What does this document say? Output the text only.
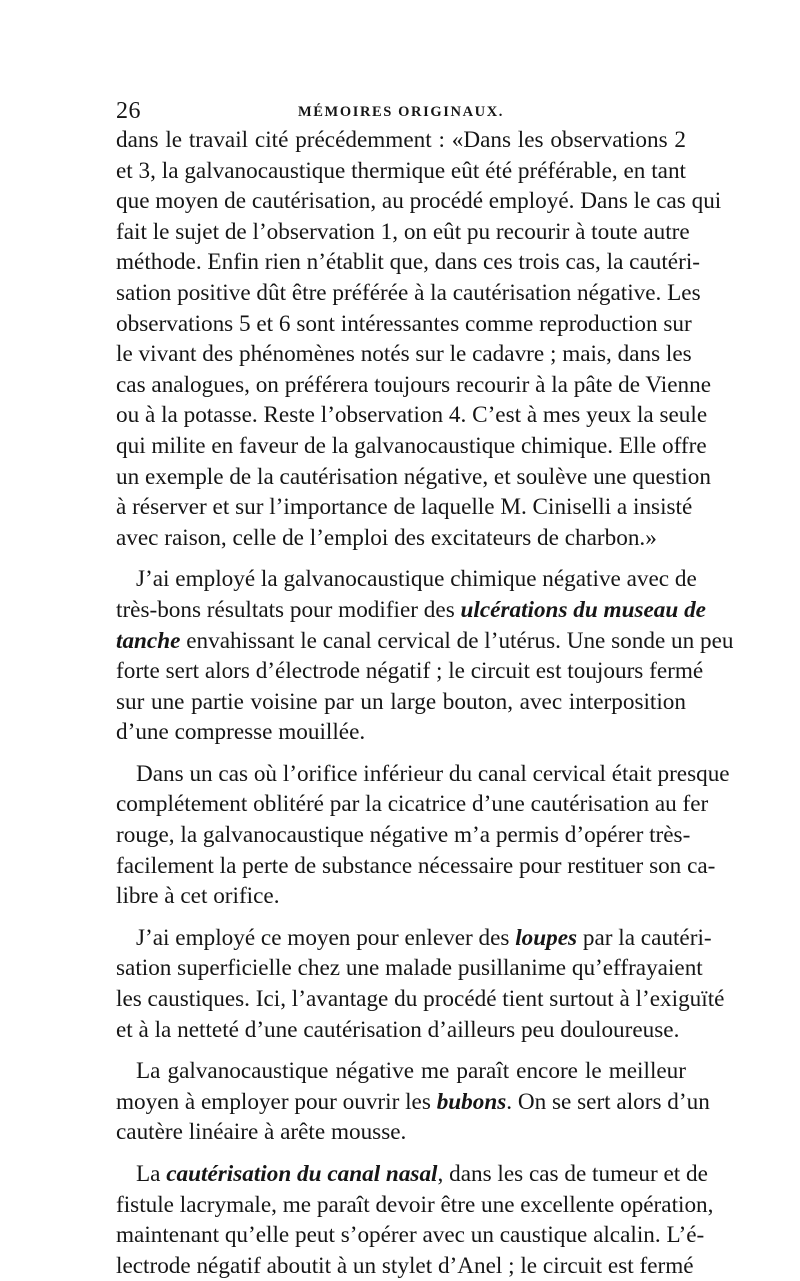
26	MÉMOIRES ORIGINAUX.
dans le travail cité précédemment : «Dans les observations 2
et 3, la galvanocaustique thermique eût été préférable, en tant
que moyen de cautérisation, au procédé employé. Dans le cas qui
fait le sujet de l’observation 1, on eût pu recourir à toute autre
méthode. Enfin rien n’établit que, dans ces trois cas, la cautéri-
sation positive dût être préférée à la cautérisation négative. Les
observations 5 et 6 sont intéressantes comme reproduction sur
le vivant des phénomènes notés sur le cadavre ; mais, dans les
cas analogues, on préférera toujours recourir à la pâte de Vienne
ou à la potasse. Reste l’observation 4. C’est à mes yeux la seule
qui milite en faveur de la galvanocaustique chimique. Elle offre
un exemple de la cautérisation négative, et soulève une question
à réserver et sur l’importance de laquelle M. Ciniselli a insisté
avec raison, celle de l’emploi des excitateurs de charbon.»
J’ai employé la galvanocaustique chimique négative avec de
très-bons résultats pour modifier des ulcérations du museau de
tanche envahissant le canal cervical de l’utérus. Une sonde un peu
forte sert alors d’électrode négatif ; le circuit est toujours fermé
sur une partie voisine par un large bouton, avec interposition
d’une compresse mouillée.
Dans un cas où l’orifice inférieur du canal cervical était presque
complétement oblitéré par la cicatrice d’une cautérisation au fer
rouge, la galvanocaustique négative m’a permis d’opérer très-
facilement la perte de substance nécessaire pour restituer son ca-
libre à cet orifice.
J’ai employé ce moyen pour enlever des loupes par la cautéri-
sation superficielle chez une malade pusillanime qu’effrayaient
les caustiques. Ici, l’avantage du procédé tient surtout à l’exiguïté
et à la netteté d’une cautérisation d’ailleurs peu douloureuse.
La galvanocaustique négative me paraît encore le meilleur
moyen à employer pour ouvrir les bubons. On se sert alors d’un
cautère linéaire à arête mousse.
La cautérisation du canal nasal, dans les cas de tumeur et de
fistule lacrymale, me paraît devoir être une excellente opération,
maintenant qu’elle peut s’opérer avec un caustique alcalin. L’é-
lectrode négatif aboutit à un stylet d’Anel ; le circuit est fermé
